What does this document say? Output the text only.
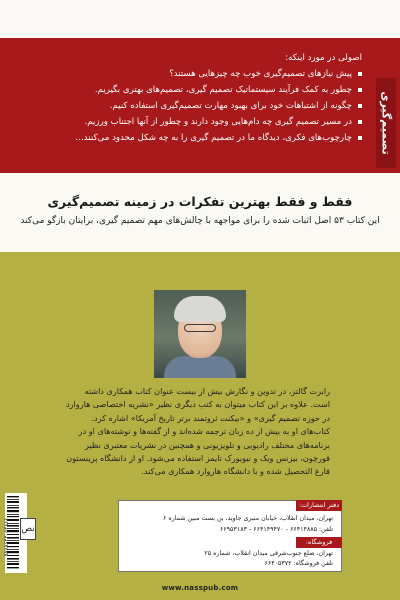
اصولی در مورد اینکه:
پیش نیازهای تصمیم‌گیری خوب چه چیزهایی هستند؟
چطور به کمک فرآیند سیستماتیک تصمیم گیری، تصمیم‌های بهتری بگیریم.
چگونه از اشتباهات خود برای بهبود مهارت تصمیم‌گیری استفاده کنیم.
در مسیر تصمیم گیری چه دام‌هایی وجود دارند و چطور از آنها اجتناب ورزیم.
چارچوب‌های فکری، دیدگاه ما در تصمیم گیری را به چه شکل محدود می‌کنند…	تصمیم‌گیری
فقط و فقط بهترین تفکرات در زمینه تصمیم‌گیری
این کتاب ۵۳ اصل اثبات شده را برای مواجهه با چالش‌های مهم تصمیم گیری، برایتان بازگو می‌کند
رابرت گالتز، در تدوین و نگارش بیش از بیست عنوان کتاب همکاری داشته است. علاوه بر این کتاب میتوان به کتب دیگری نظیر «نشریه اختصاصی هاروارد در حوزه تصمیم گیری» و «بیکنت ثروتمند برتر تاریخ آمریکا» اشاره کرد. کتاب‌های او به بیش از ده زبان ترجمه شده‌اند و از گفته‌ها و نوشته‌های او در برنامه‌های مختلف رادیویی و تلویزیونی و همچنین در نشریات معتبری نظیر فورچون، بیزنس ویک و نیویورک تایمز استفاده می‌شود. او از دانشگاه پرینستون فارغ التحصیل شده و با دانشگاه هاروارد همکاری می‌کند.
دفتر انتشارات:
تهران، میدان انقلاب، خیابان منیری جاوید، بن بست مبین شماره ۶
تلفن: ۶۶۴۱۴۸۸۵ - ۶۶۴۱۴۹۴۷۰ - ۶۶۹۵۳۱۸۳
فروشگاه:
تهران، ضلع جنوب‌شرقی میدان انقلاب، شماره ۲۵
تلفن فروشگاه: ۶۶۴۰۵۳۷۲
۹۷۸۹۶۴۴۰۵۴۸۶۶	نص
www.nasspub.com
